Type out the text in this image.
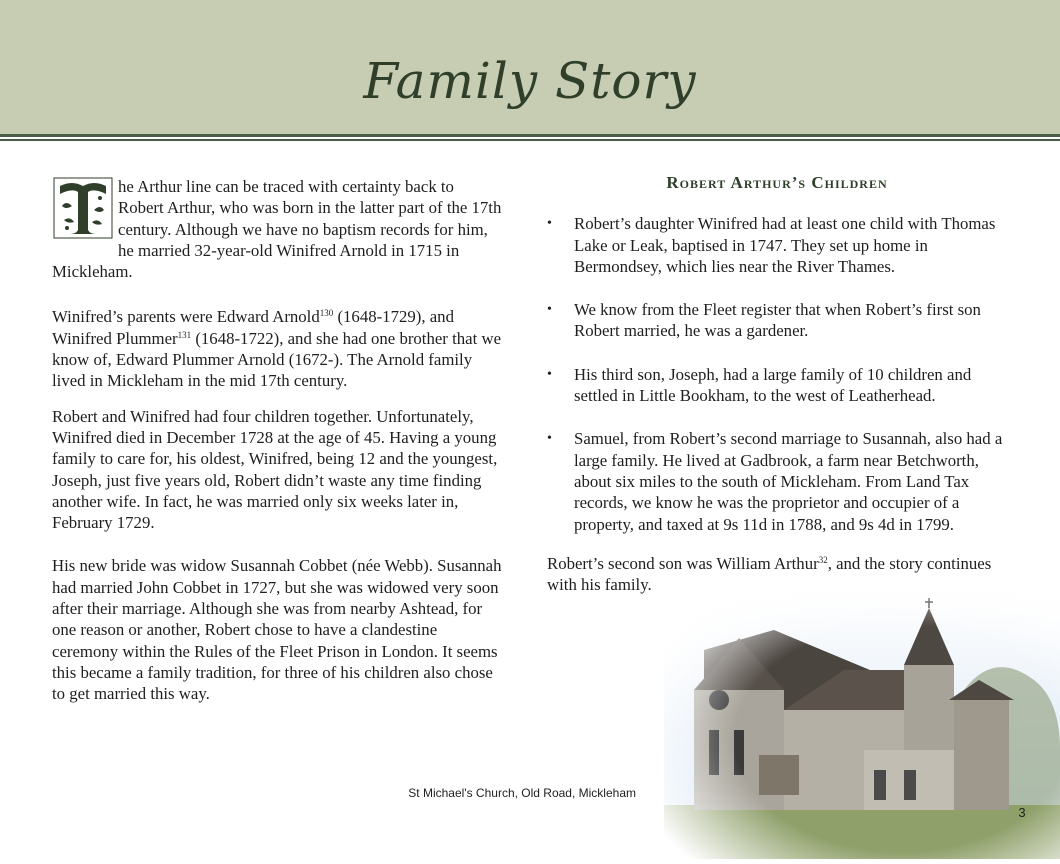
Family Story

he Arthur line can be traced with certainty back to Robert Arthur, who was born in the latter part of the 17th century. Although we have no baptism records for him, he married 32-year-old Winifred Arnold in 1715 in Mickleham.

Winifred’s parents were Edward Arnold$^{130}$ (1648-1729), and Winifred Plummer$^{131}$ (1648-1722), and she had one brother that we know of, Edward Plummer Arnold (1672-). The Arnold family lived in Mickleham in the mid 17th century.

Robert and Winifred had four children together. Unfortunately, Winifred died in December 1728 at the age of 45. Having a young family to care for, his oldest, Winifred, being 12 and the youngest, Joseph, just five years old, Robert didn’t waste any time finding another wife. In fact, he was married only six weeks later in, February 1729.

His new bride was widow Susannah Cobbet (née Webb). Susannah had married John Cobbet in 1727, but she was widowed very soon after their marriage. Although she was from nearby Ashtead, for one reason or another, Robert chose to have a clandestine ceremony within the Rules of the Fleet Prison in London. It seems this became a family tradition, for three of his children also chose to get married this way.

Robert Arthur’s Children
• Robert’s daughter Winifred had at least one child with Thomas Lake or Leak, baptised in 1747. They set up home in Bermondsey, which lies near the River Thames.
• We know from the Fleet register that when Robert’s first son Robert married, he was a gardener.
• His third son, Joseph, had a large family of 10 children and settled in Little Bookham, to the west of Leatherhead.
• Samuel, from Robert’s second marriage to Susannah, also had a large family. He lived at Gadbrook, a farm near Betchworth, about six miles to the south of Mickleham. From Land Tax records, we know he was the proprietor and occupier of a property, and taxed at 9s 11d in 1788, and 9s 4d in 1799.

Robert’s second son was William Arthur$^{32}$, and the story continues with his family.

St Michael's Church, Old Road, Mickleham
3
